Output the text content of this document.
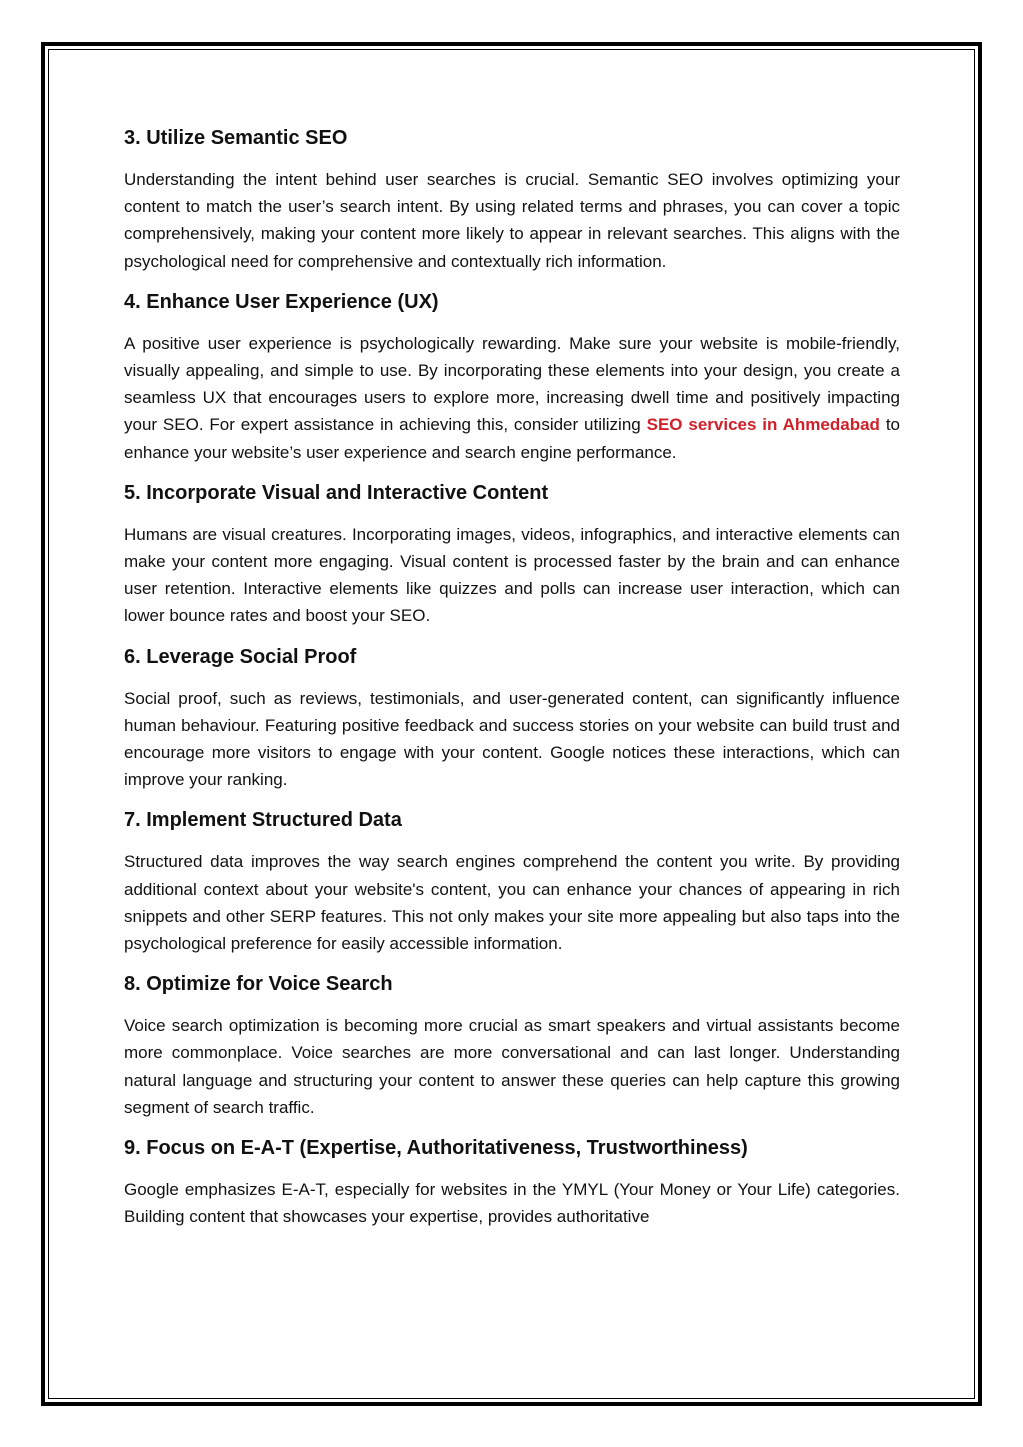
3. Utilize Semantic SEO

Understanding the intent behind user searches is crucial. Semantic SEO involves optimizing your content to match the user’s search intent. By using related terms and phrases, you can cover a topic comprehensively, making your content more likely to appear in relevant searches. This aligns with the psychological need for comprehensive and contextually rich information.

4. Enhance User Experience (UX)

A positive user experience is psychologically rewarding. Make sure your website is mobile-friendly, visually appealing, and simple to use. By incorporating these elements into your design, you create a seamless UX that encourages users to explore more, increasing dwell time and positively impacting your SEO. For expert assistance in achieving this, consider utilizing SEO services in Ahmedabad to enhance your website’s user experience and search engine performance.

5. Incorporate Visual and Interactive Content

Humans are visual creatures. Incorporating images, videos, infographics, and interactive elements can make your content more engaging. Visual content is processed faster by the brain and can enhance user retention. Interactive elements like quizzes and polls can increase user interaction, which can lower bounce rates and boost your SEO.

6. Leverage Social Proof

Social proof, such as reviews, testimonials, and user-generated content, can significantly influence human behaviour. Featuring positive feedback and success stories on your website can build trust and encourage more visitors to engage with your content. Google notices these interactions, which can improve your ranking.

7. Implement Structured Data

Structured data improves the way search engines comprehend the content you write. By providing additional context about your website's content, you can enhance your chances of appearing in rich snippets and other SERP features. This not only makes your site more appealing but also taps into the psychological preference for easily accessible information.

8. Optimize for Voice Search

Voice search optimization is becoming more crucial as smart speakers and virtual assistants become more commonplace. Voice searches are more conversational and can last longer. Understanding natural language and structuring your content to answer these queries can help capture this growing segment of search traffic.

9. Focus on E-A-T (Expertise, Authoritativeness, Trustworthiness)

Google emphasizes E-A-T, especially for websites in the YMYL (Your Money or Your Life) categories. Building content that showcases your expertise, provides authoritative
